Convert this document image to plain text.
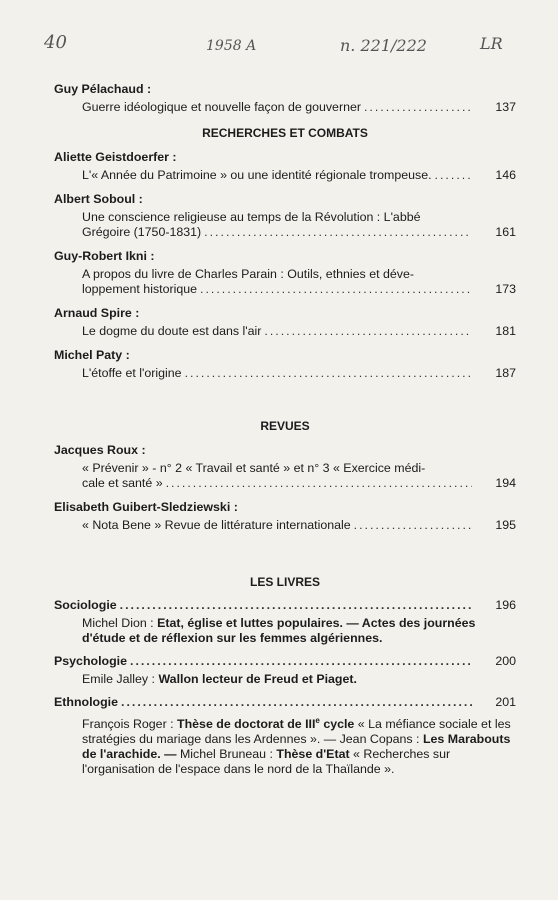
40	1958 A	n. 221/222	LR
Guy Pélachaud :
Guerre idéologique et nouvelle façon de gouverner .....	137
RECHERCHES ET COMBATS
Aliette Geistdoerfer :
L'« Année du Patrimoine » ou une identité régionale trompeuse. .....	146
Albert Soboul :
Une conscience religieuse au temps de la Révolution : L'abbé
Grégoire (1750-1831) .....	161
Guy-Robert Ikni :
A propos du livre de Charles Parain : Outils, ethnies et déve-
loppement historique .....	173
Arnaud Spire :
Le dogme du doute est dans l'air .....	181
Michel Paty :
L'étoffe et l'origine .....	187
REVUES
Jacques Roux :
« Prévenir » - n° 2 « Travail et santé » et n° 3 « Exercice médi-
cale et santé » .....	194
Elisabeth Guibert-Sledziewski :
« Nota Bene » Revue de littérature internationale .....	195
LES LIVRES
Sociologie .....	196
Michel Dion : Etat, église et luttes populaires. — Actes des journées d'étude et de réflexion sur les femmes algériennes.
Psychologie .....	200
Emile Jalley : Wallon lecteur de Freud et Piaget.
Ethnologie .....	201
François Roger : Thèse de doctorat de IIIe cycle « La méfiance sociale et les stratégies du mariage dans les Ardennes ». — Jean Copans : Les Marabouts de l'arachide. — Michel Bruneau : Thèse d'Etat « Recherches sur l'organisation de l'espace dans le nord de la Thaïlande ».
